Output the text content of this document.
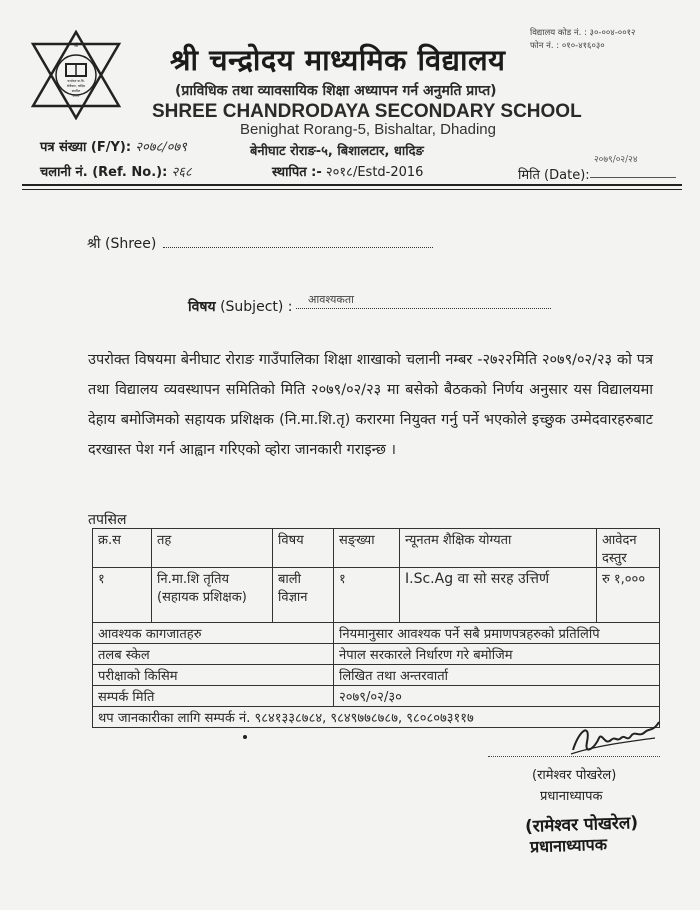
श्री
चन्द्रोदय मा.वि.
बेनीघाट, धादिङ
स्थापित
२०१८
विद्यालय कोड नं. : ३०-००४-००१२
फोन नं. : ०१०-४१६०३०
श्री चन्द्रोदय माध्यमिक विद्यालय
(प्राविधिक तथा व्यावसायिक शिक्षा अध्यापन गर्न अनुमति प्राप्त)
SHREE CHANDRODAYA SECONDARY SCHOOL
Benighat Rorang-5, Bishaltar, Dhading
बेनीघाट रोराङ-५, बिशालटार, धादिङ
स्थापित :- २०१८/Estd-2016
पत्र संख्या (F/Y): २०७८/०७९
चलानी नं. (Ref. No.): २६८
२०७९/०२/२४
मिति (Date):
श्री (Shree)
विषय (Subject) : आवश्यकता
उपरोक्त विषयमा बेनीघाट रोराङ गाउँपालिका शिक्षा शाखाको चलानी नम्बर -२७२२मिति २०७९/०२/२३ को पत्र तथा विद्यालय व्यवस्थापन समितिको मिति २०७९/०२/२३ मा बसेको बैठकको निर्णय अनुसार यस विद्यालयमा देहाय बमोजिमको सहायक प्रशिक्षक (नि.मा.शि.तृ) करारमा नियुक्त गर्नु पर्ने भएकोले इच्छुक उम्मेदवारहरुबाट दरखास्त पेश गर्न आह्वान गरिएको व्होरा जानकारी गराइन्छ ।
तपसिल
क्र.स	तह	विषय	सङ्ख्या	न्यूनतम शैक्षिक योग्यता	आवेदन दस्तुर
१	नि.मा.शि तृतिय (सहायक प्रशिक्षक)	बाली विज्ञान	१	I.Sc.Ag वा सो सरह उत्तिर्ण	रु १,०००
आवश्यक कागजातहरु			नियमानुसार आवश्यक पर्ने सबै प्रमाणपत्रहरुको प्रतिलिपि		
तलब स्केल			नेपाल सरकारले निर्धारण गरे बमोजिम		
परीक्षाको किसिम			लिखित तथा अन्तरवार्ता		
सम्पर्क मिति			२०७९/०२/३०		
थप जानकारीका लागि सम्पर्क नं. ९८४१३३८७८४, ९८४९७७८७८७, ९८०८०७३११७					
(रामेश्वर पोखरेल)
प्रधानाध्यापक
(रामेश्वर पोखरेल)
प्रधानाध्यापक
